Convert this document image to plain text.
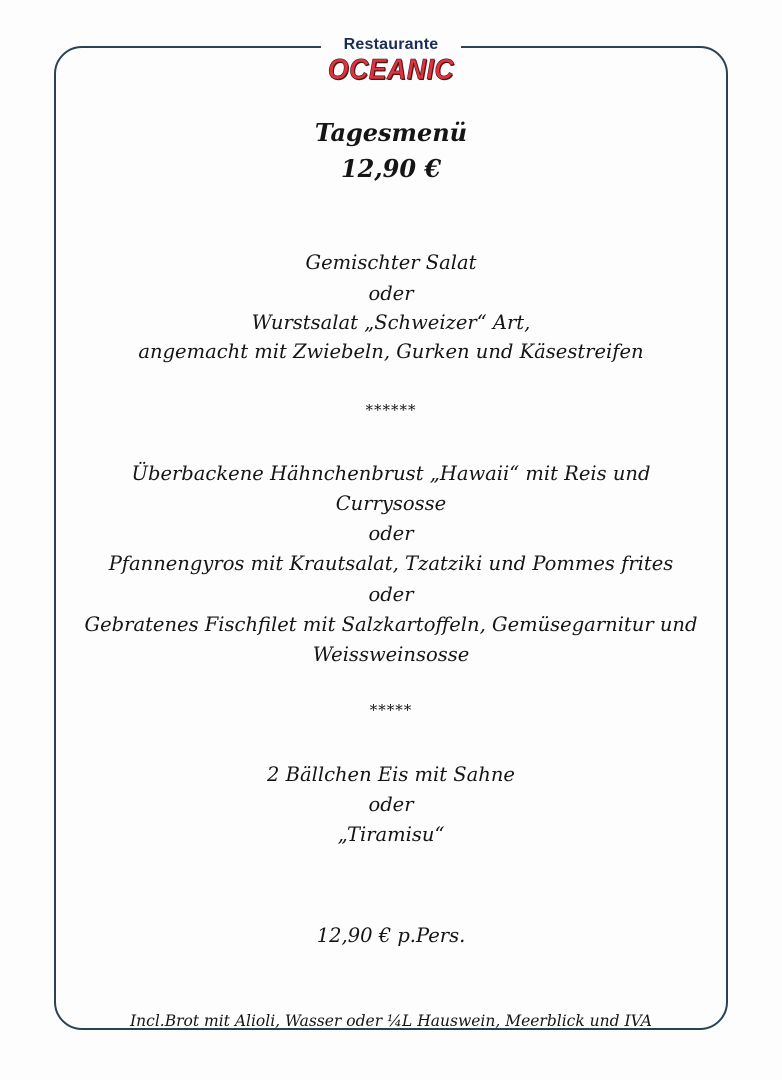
Restaurante
OCEANIC
Tagesmenü
12,90 €
Gemischter Salat
oder
Wurstsalat „Schweizer“ Art,
angemacht mit Zwiebeln, Gurken und Käsestreifen
******
Überbackene Hähnchenbrust „Hawaii“ mit Reis und
Currysosse
oder
Pfannengyros mit Krautsalat, Tzatziki und Pommes frites
oder
Gebratenes Fischfilet mit Salzkartoffeln, Gemüsegarnitur und
Weissweinsosse
*****
2 Bällchen Eis mit Sahne
oder
„Tiramisu“
12,90 € p.Pers.
Incl.Brot mit Alioli, Wasser oder ¼L Hauswein, Meerblick und IVA
